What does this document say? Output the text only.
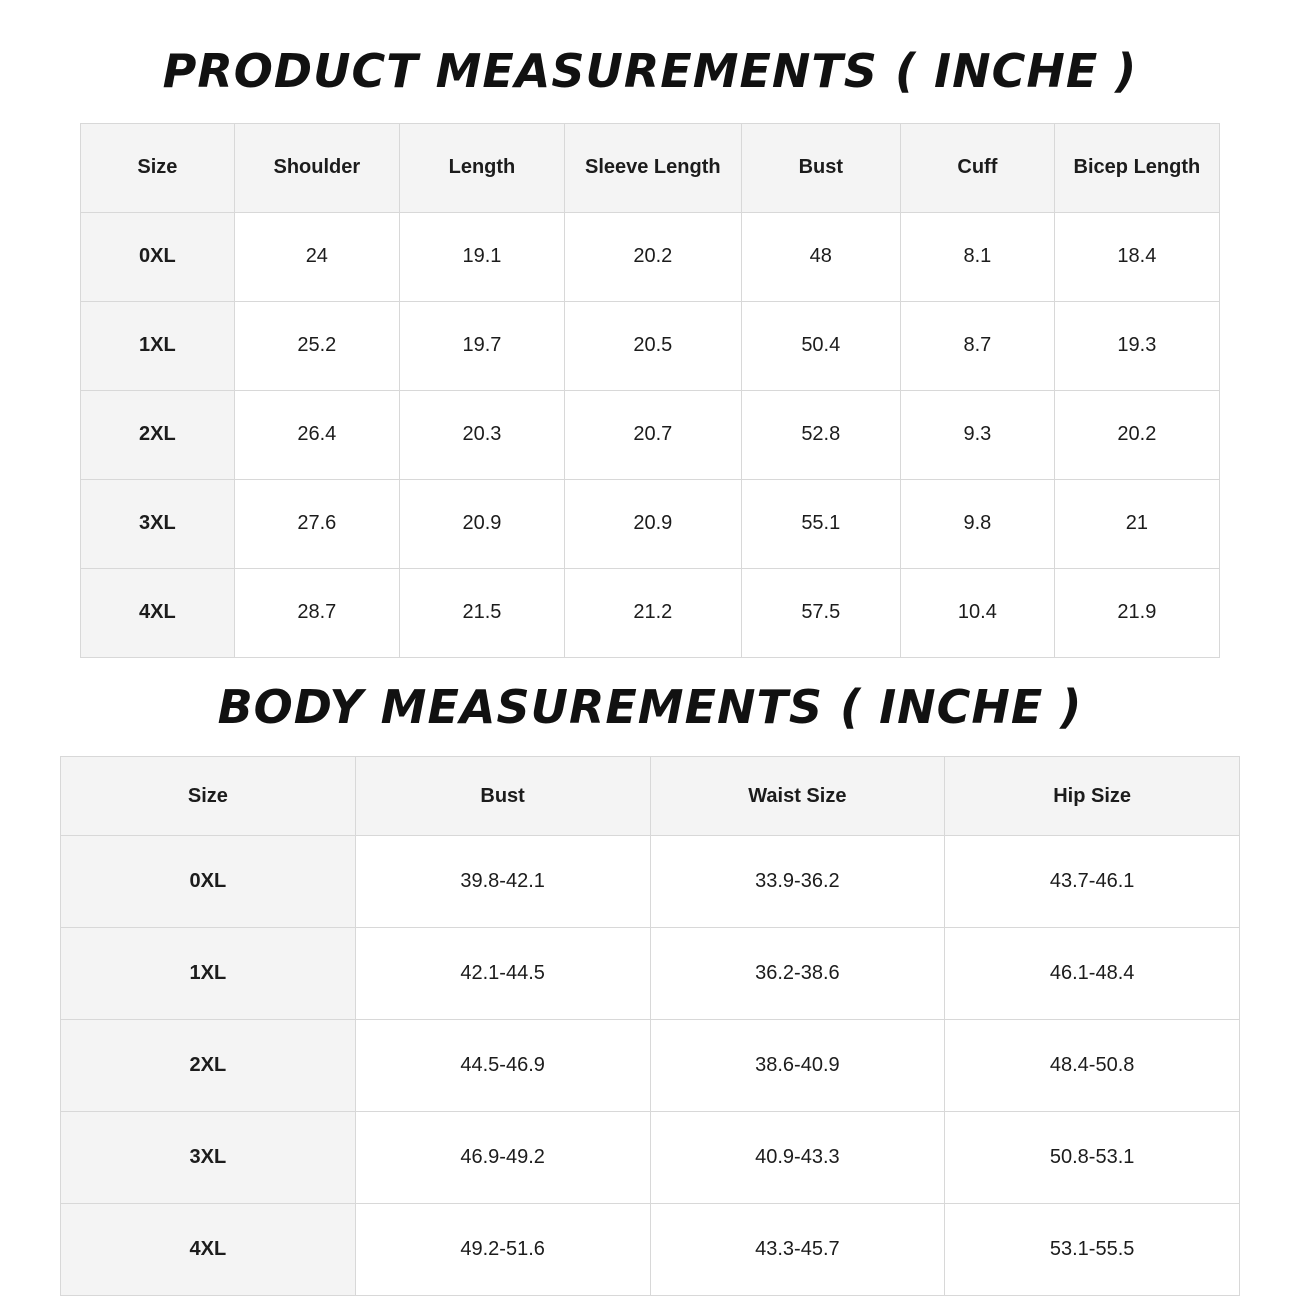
PRODUCT MEASUREMENTS ( INCHE )
Size	Shoulder	Length	Sleeve Length	Bust	Cuff	Bicep Length
0XL	24	19.1	20.2	48	8.1	18.4
1XL	25.2	19.7	20.5	50.4	8.7	19.3
2XL	26.4	20.3	20.7	52.8	9.3	20.2
3XL	27.6	20.9	20.9	55.1	9.8	21
4XL	28.7	21.5	21.2	57.5	10.4	21.9
BODY MEASUREMENTS ( INCHE )
Size	Bust	Waist Size	Hip Size
0XL	39.8-42.1	33.9-36.2	43.7-46.1
1XL	42.1-44.5	36.2-38.6	46.1-48.4
2XL	44.5-46.9	38.6-40.9	48.4-50.8
3XL	46.9-49.2	40.9-43.3	50.8-53.1
4XL	49.2-51.6	43.3-45.7	53.1-55.5
